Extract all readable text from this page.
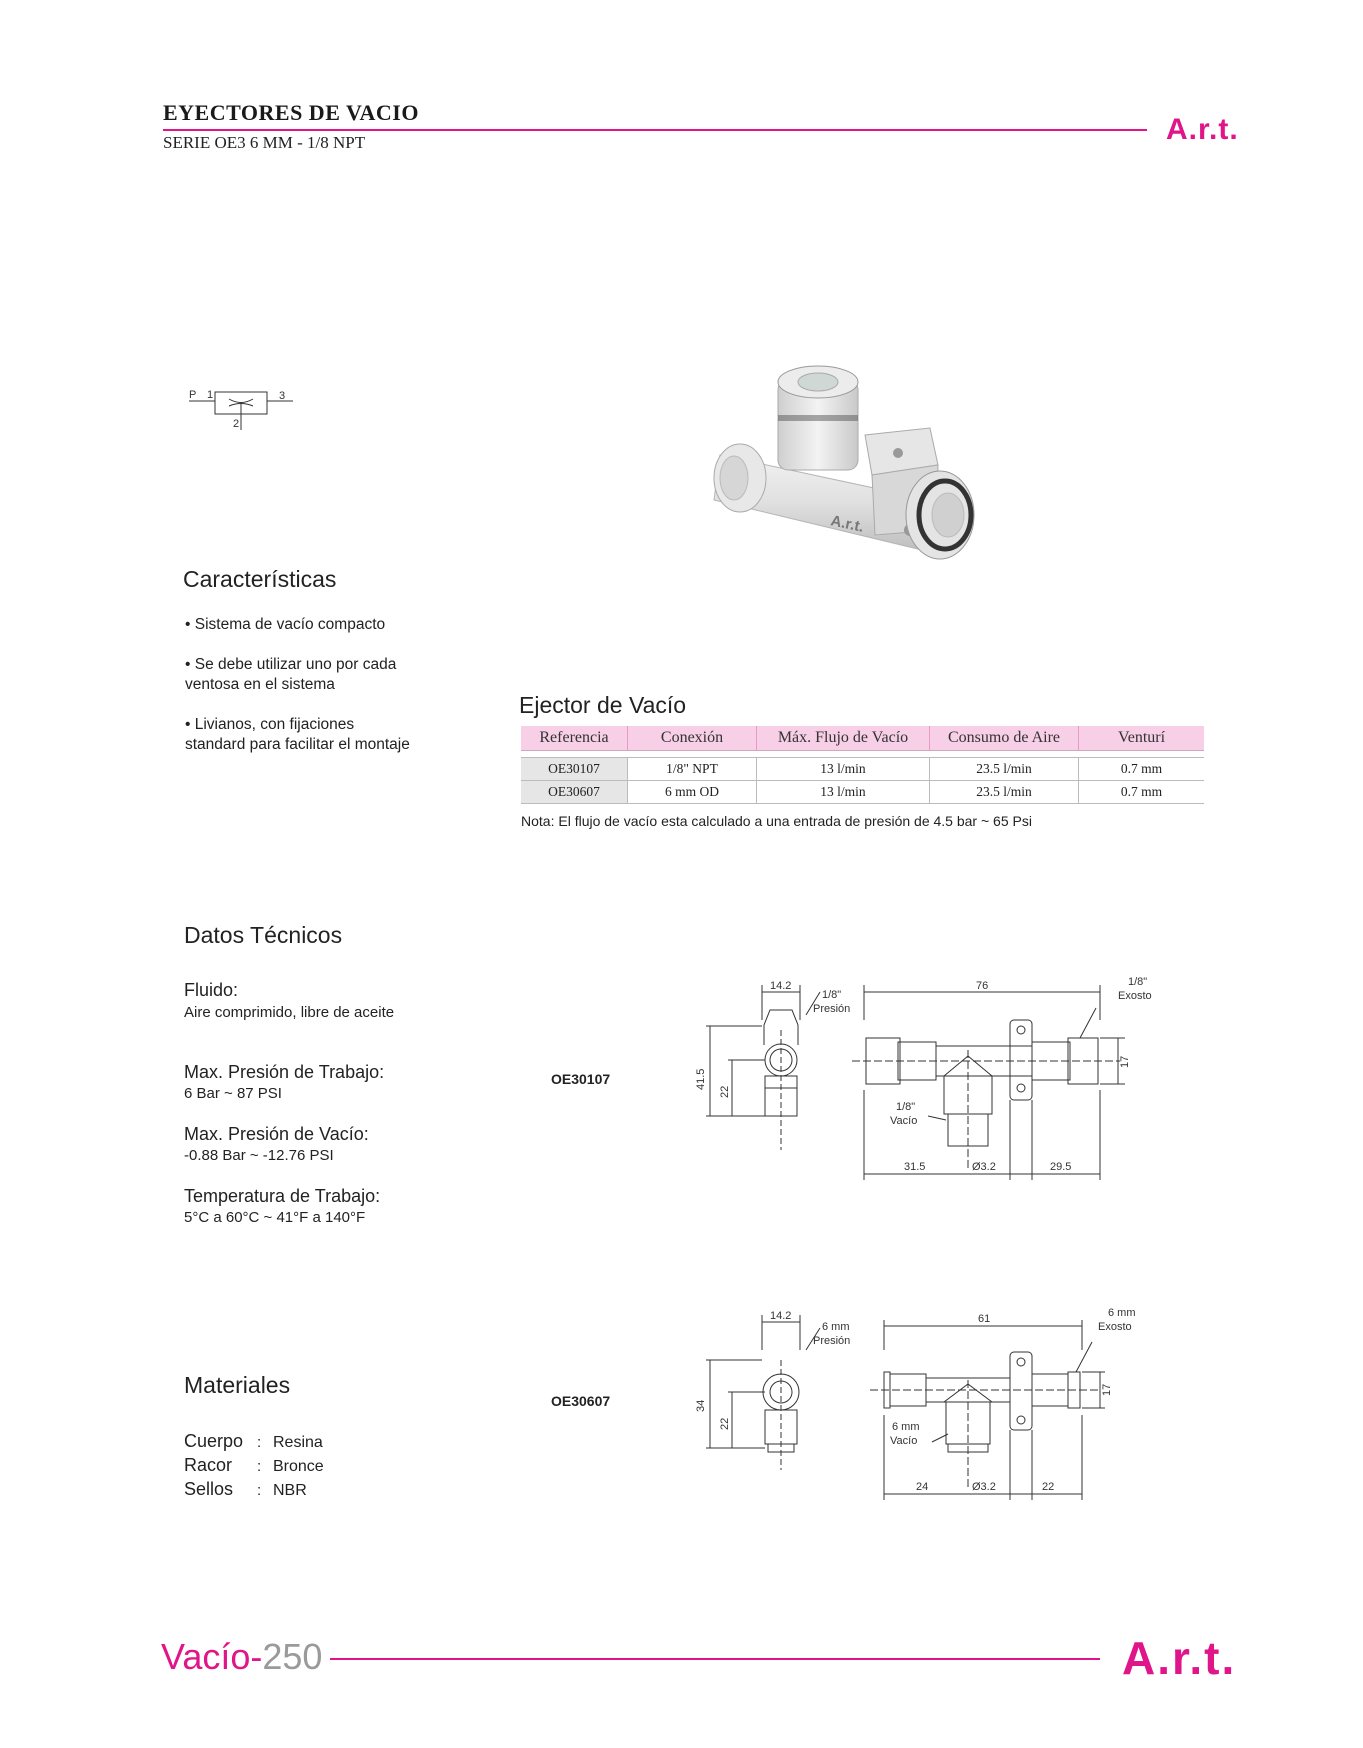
EYECTORES DE VACIO
SERIE OE3 6 MM - 1/8 NPT	A.r.t.
P 1	3
2
A.r.t.
Características
• Sistema de vacío compacto
• Se debe utilizar uno por cada ventosa en el sistema
• Livianos, con fijaciones standard para facilitar el montaje
Ejector de Vacío
Referencia	Conexión	Máx. Flujo de Vacío	Consumo de Aire	Venturí

OE30107	1/8" NPT	13 l/min	23.5 l/min	0.7 mm
OE30607	6 mm OD	13 l/min	23.5 l/min	0.7 mm
Nota: El flujo de vacío esta calculado a una entrada de presión de 4.5 bar ~ 65 Psi
Datos Técnicos
Fluido:
Aire comprimido, libre de aceite
Max. Presión de Trabajo:
6 Bar ~ 87 PSI
Max. Presión de Vacío:
-0.88 Bar ~ -12.76 PSI
Temperatura de Trabajo:
5°C a 60°C ~ 41°F a 140°F
Materiales
Cuerpo : Resina
Racor : Bronce
Sellos : NBR
OE30107
14.2
1/8"
Presión
76	1/8"
Exosto
41.5
22
17
1/8"
Vacío
31.5	Ø3.2	29.5
OE30607
14.2
6 mm
Presión
61	6 mm
Exosto
34
22
17
6 mm
Vacío
24	Ø3.2	22
Vacío-250	A.r.t.
